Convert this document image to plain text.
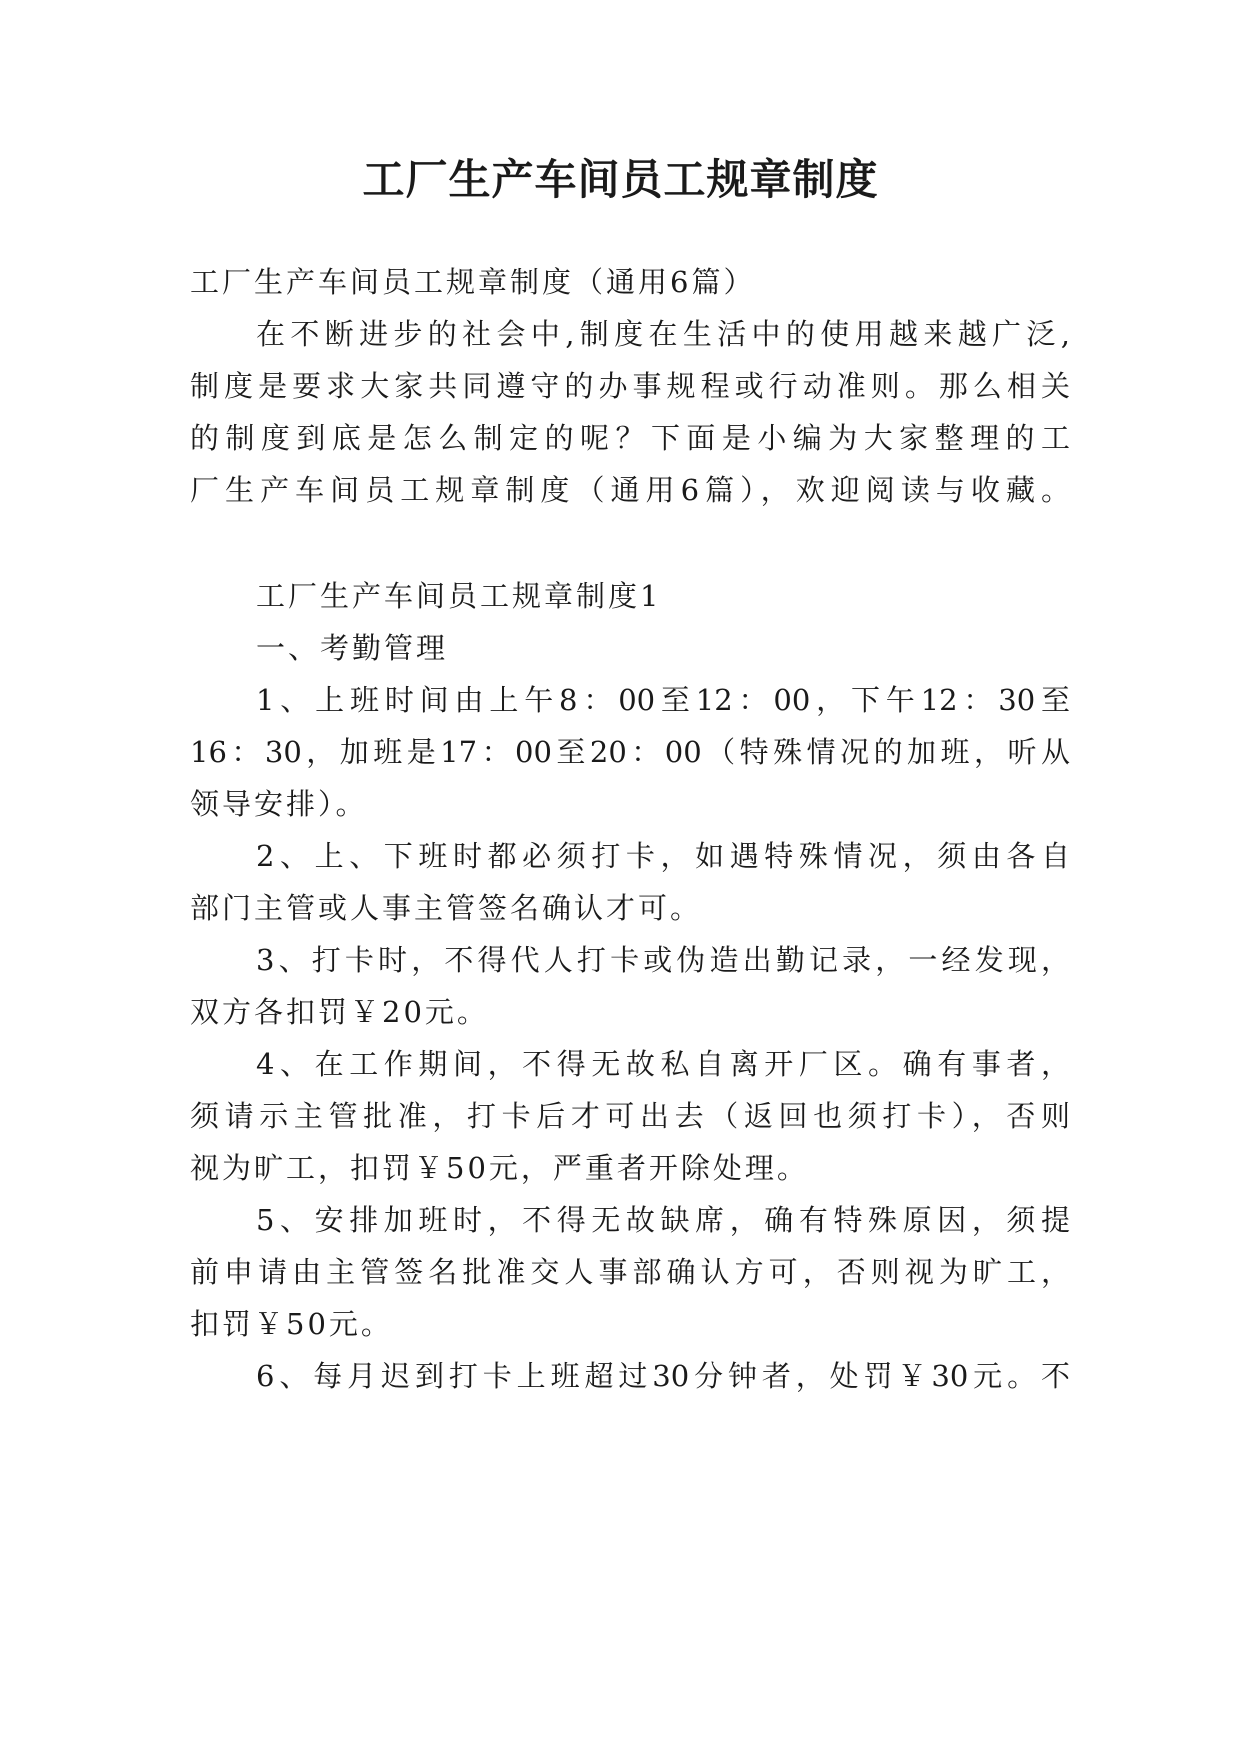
工厂生产车间员工规章制度

工厂生产车间员工规章制度（通用6篇）

在不断进步的社会中,制度在生活中的使用越来越广泛,

制度是要求大家共同遵守的办事规程或行动准则。那么相关

的制度到底是怎么制定的呢？下面是小编为大家整理的工

厂生产车间员工规章制度（通用6篇），欢迎阅读与收藏。

工厂生产车间员工规章制度1

一、考勤管理

1、上班时间由上午8：00至12：00，下午12：30至

16：30，加班是17：00至20：00（特殊情况的加班，听从

领导安排）。

2、上、下班时都必须打卡，如遇特殊情况，须由各自

部门主管或人事主管签名确认才可。

3、打卡时，不得代人打卡或伪造出勤记录，一经发现，

双方各扣罚￥20元。

4、在工作期间，不得无故私自离开厂区。确有事者，

须请示主管批准，打卡后才可出去（返回也须打卡），否则

视为旷工，扣罚￥50元，严重者开除处理。

5、安排加班时，不得无故缺席，确有特殊原因，须提

前申请由主管签名批准交人事部确认方可，否则视为旷工，

扣罚￥50元。

6、每月迟到打卡上班超过30分钟者，处罚￥30元。不
